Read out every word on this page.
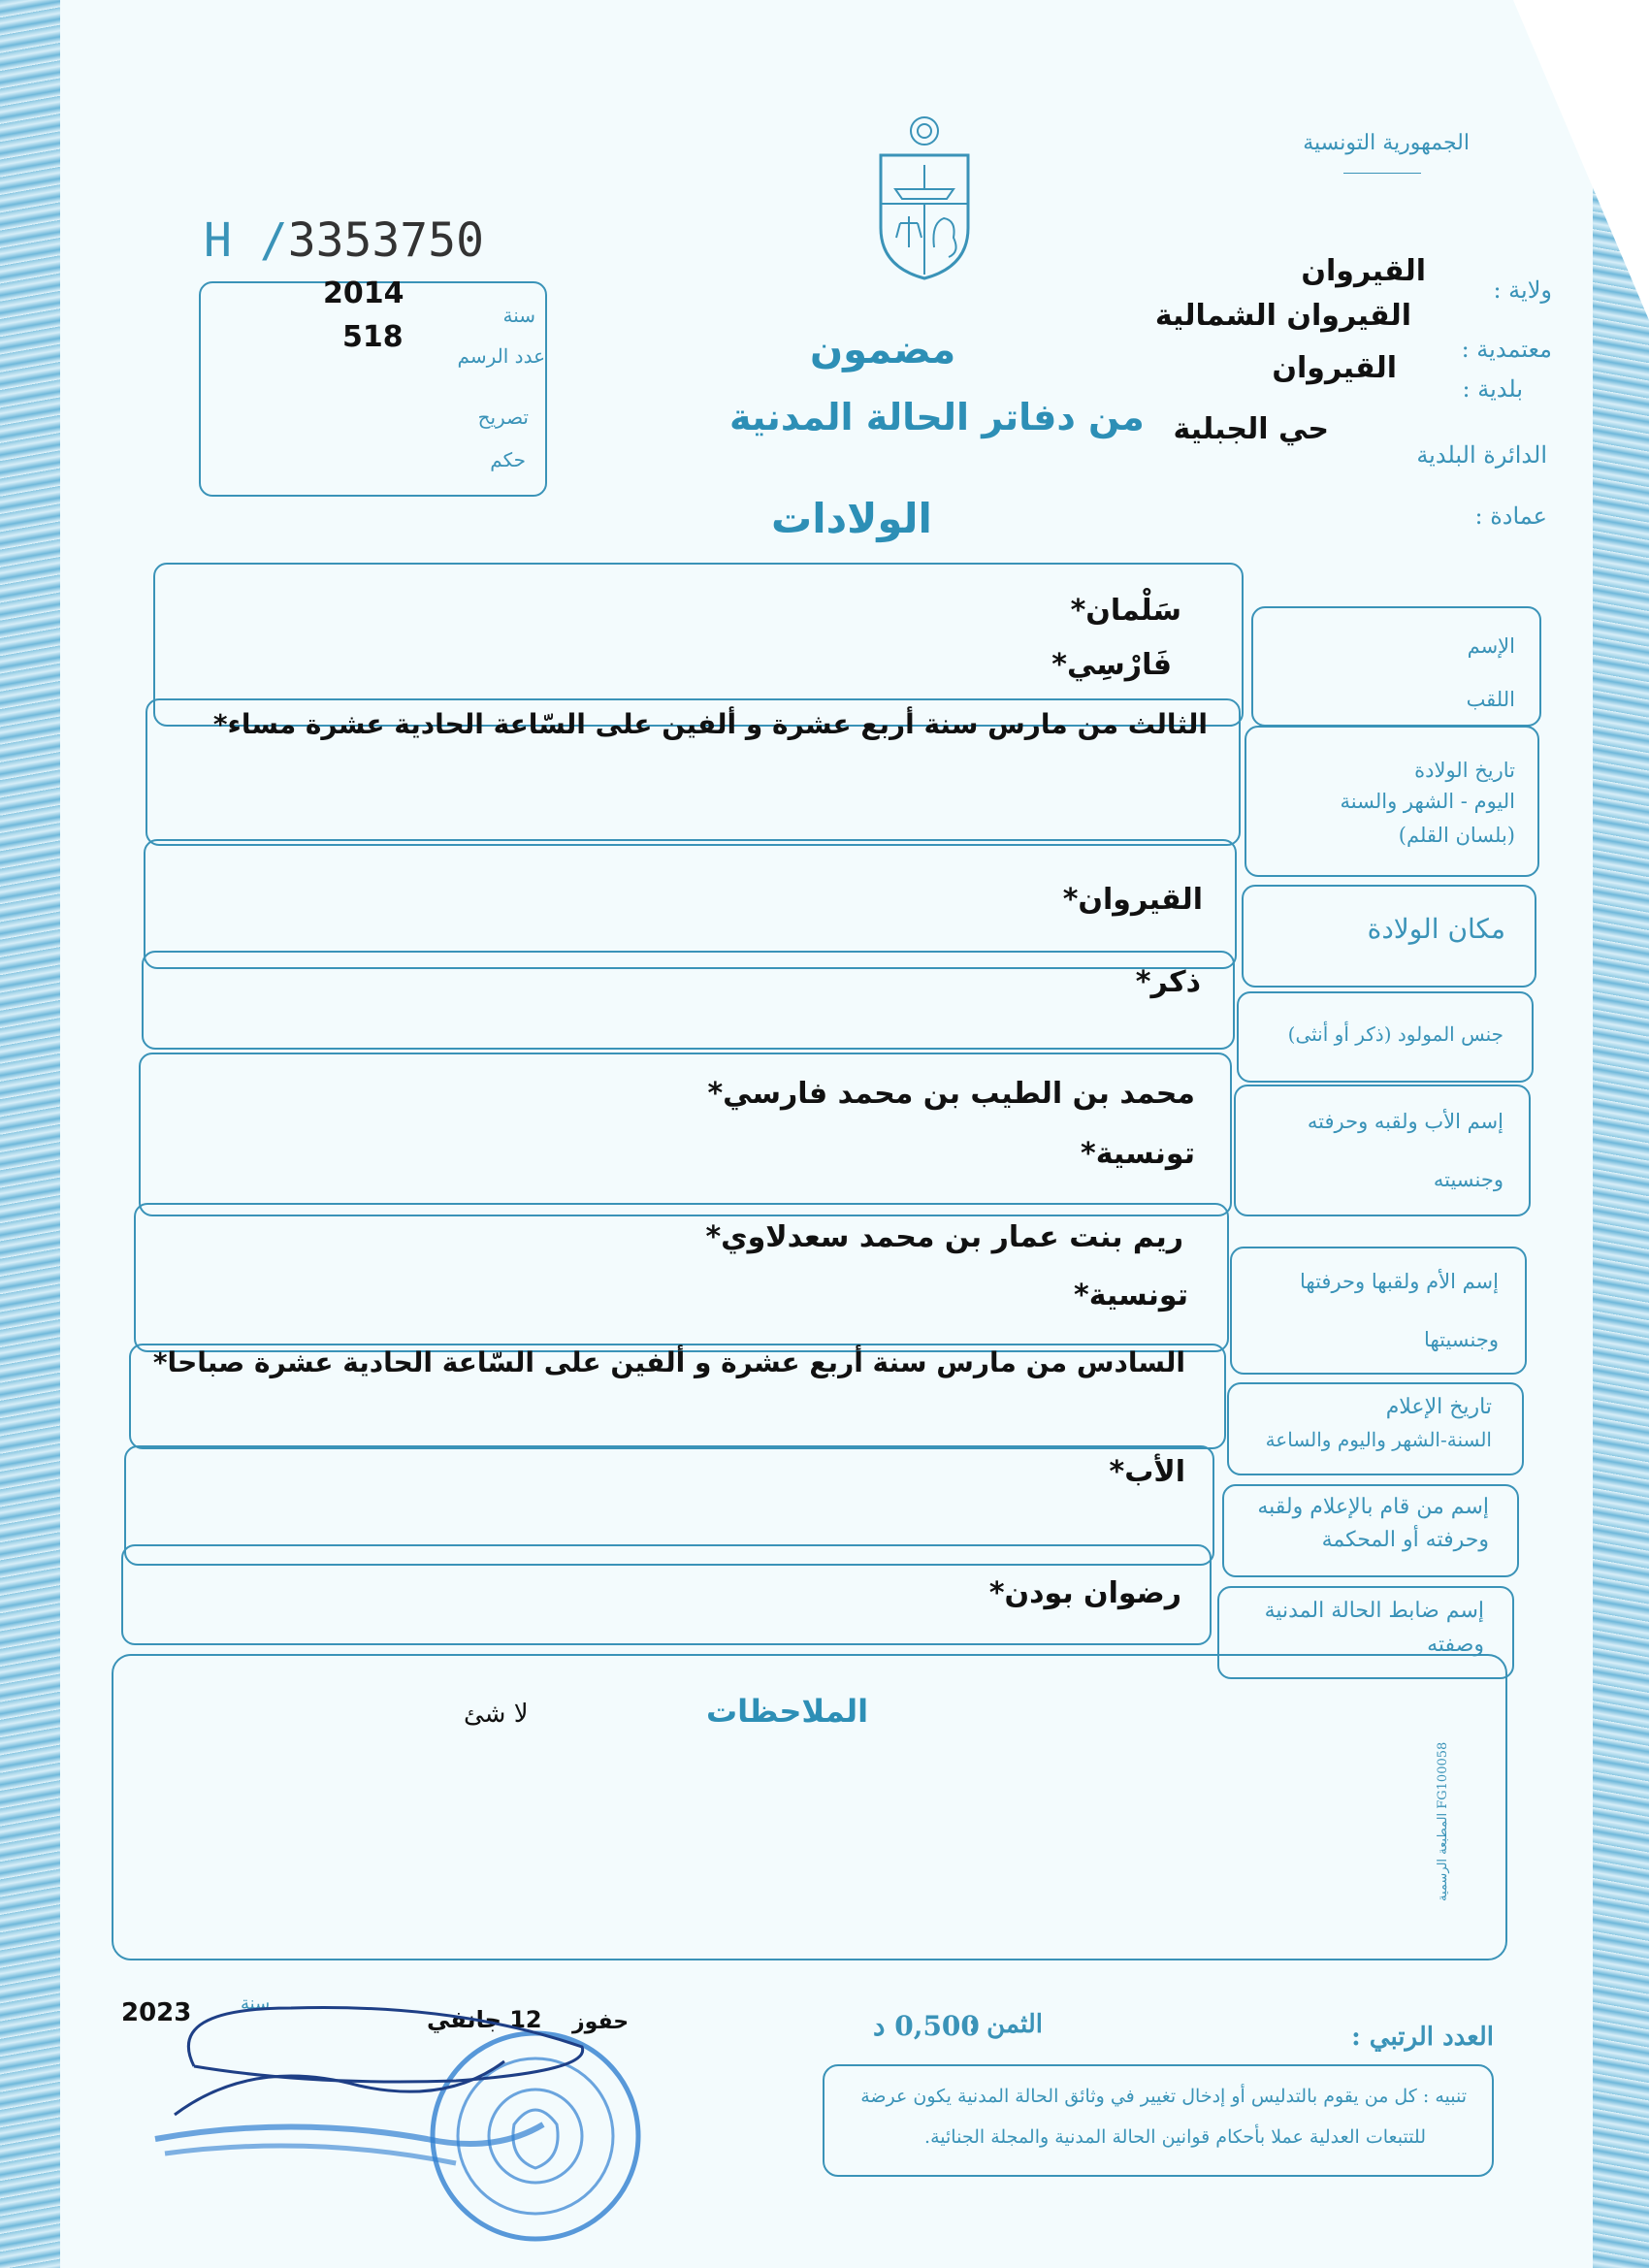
الجمهورية التونسية
H /3353750
2014
سنة
518
عدد الرسم
تصريح
حكم
مضمون
من دفاتر الحالة المدنية
الولادات
ولاية :
القيروان
القيروان الشمالية
معتمدية :
القيروان
بلدية :
حي الجبلية
الدائرة البلدية
عمادة :
الإسم
اللقب
سَلْمان*
فَارْسِي*
تاريخ الولادة
اليوم - الشهر والسنة
(بلسان القلم)
الثالث من مارس سنة أربع عشرة و ألفين على السّاعة الحادية عشرة مساء*
مكان الولادة
القيروان*
جنس المولود (ذكر أو أنثى)
ذكر*
إسم الأب ولقبه وحرفته
وجنسيته
محمد بن الطيب بن محمد فارسي*
تونسية*
إسم الأم ولقبها وحرفتها
وجنسيتها
ريم بنت عمار بن محمد سعدلاوي*
تونسية*
تاريخ الإعلام
السنة-الشهر واليوم والساعة
السادس من مارس سنة أربع عشرة و ألفين على السّاعة الحادية عشرة صباحا*
إسم من قام بالإعلام ولقبه
وحرفته أو المحكمة
الأب*
إسم ضابط الحالة المدنية
وصفته
رضوان بودن*
الملاحظات
لا شئ
المطبعة الرسمية FG100058
العدد الرتبي :
الثمن :
0,500 د
حفوز
12 جانفي
سنة
2023
تنبيه : كل من يقوم بالتدليس أو إدخال تغيير في وثائق الحالة المدنية يكون عرضة
للتتبعات العدلية عملا بأحكام قوانين الحالة المدنية والمجلة الجنائية.
